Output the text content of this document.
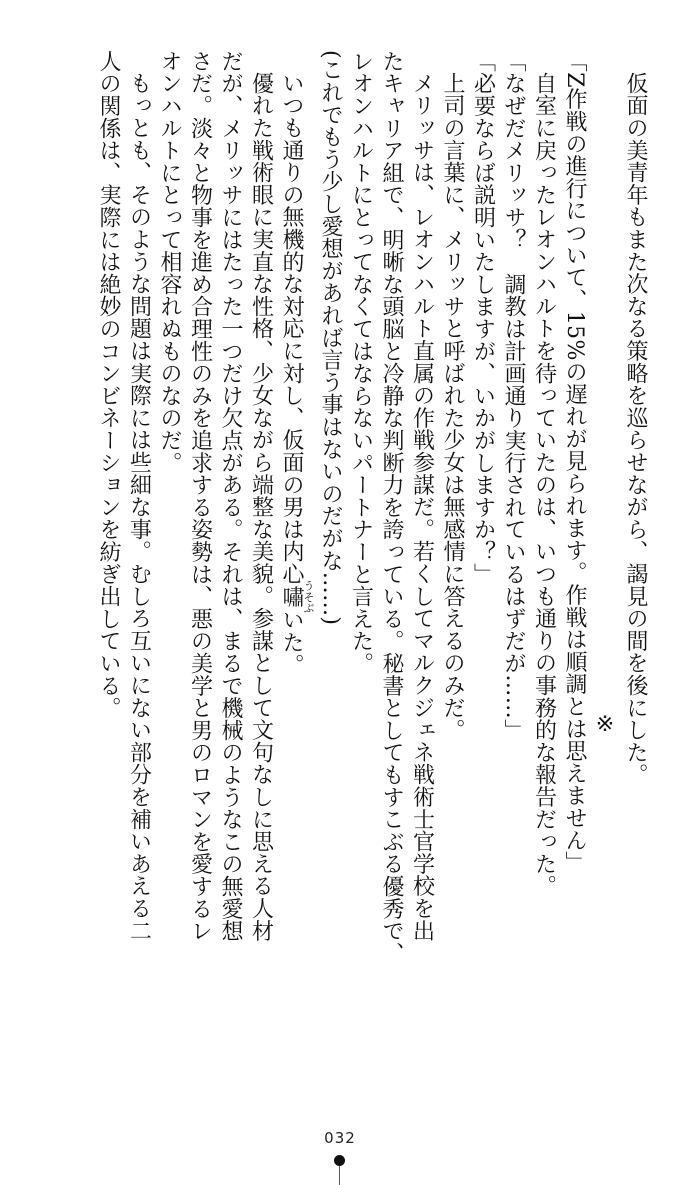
仮面の美青年もまた次なる策略を巡らせながら、謁見の間を後にした。
※
「Z作戦の進行について、15%の遅れが見られます。作戦は順調とは思えません」
自室に戻ったレオンハルトを待っていたのは、いつも通りの事務的な報告だった。
「なぜだメリッサ？　調教は計画通り実行されているはずだが……」
「必要ならば説明いたしますが、いかがしますか？」
上司の言葉に、メリッサと呼ばれた少女は無感情に答えるのみだ。
メリッサは、レオンハルト直属の作戦参謀だ。若くしてマルクジェネ戦術士官学校を出
たキャリア組で、明晰な頭脳と冷静な判断力を誇っている。秘書としてもすこぶる優秀で、
レオンハルトにとってなくてはならないパートナーと言えた。
(これでもう少し愛想があれば言う事はないのだがな……)
いつも通りの無機的な対応に対し、仮面の男は内心嘯うそぶいた。
優れた戦術眼に実直な性格、少女ながら端整な美貌。参謀として文句なしに思える人材
だが、メリッサにはたった一つだけ欠点がある。それは、まるで機械のようなこの無愛想
さだ。淡々と物事を進め合理性のみを追求する姿勢は、悪の美学と男のロマンを愛するレ
オンハルトにとって相容れぬものなのだ。
もっとも、そのような問題は実際には些細な事。むしろ互いにない部分を補いあえる二
人の関係は、実際には絶妙のコンビネーションを紡ぎ出している。
032
